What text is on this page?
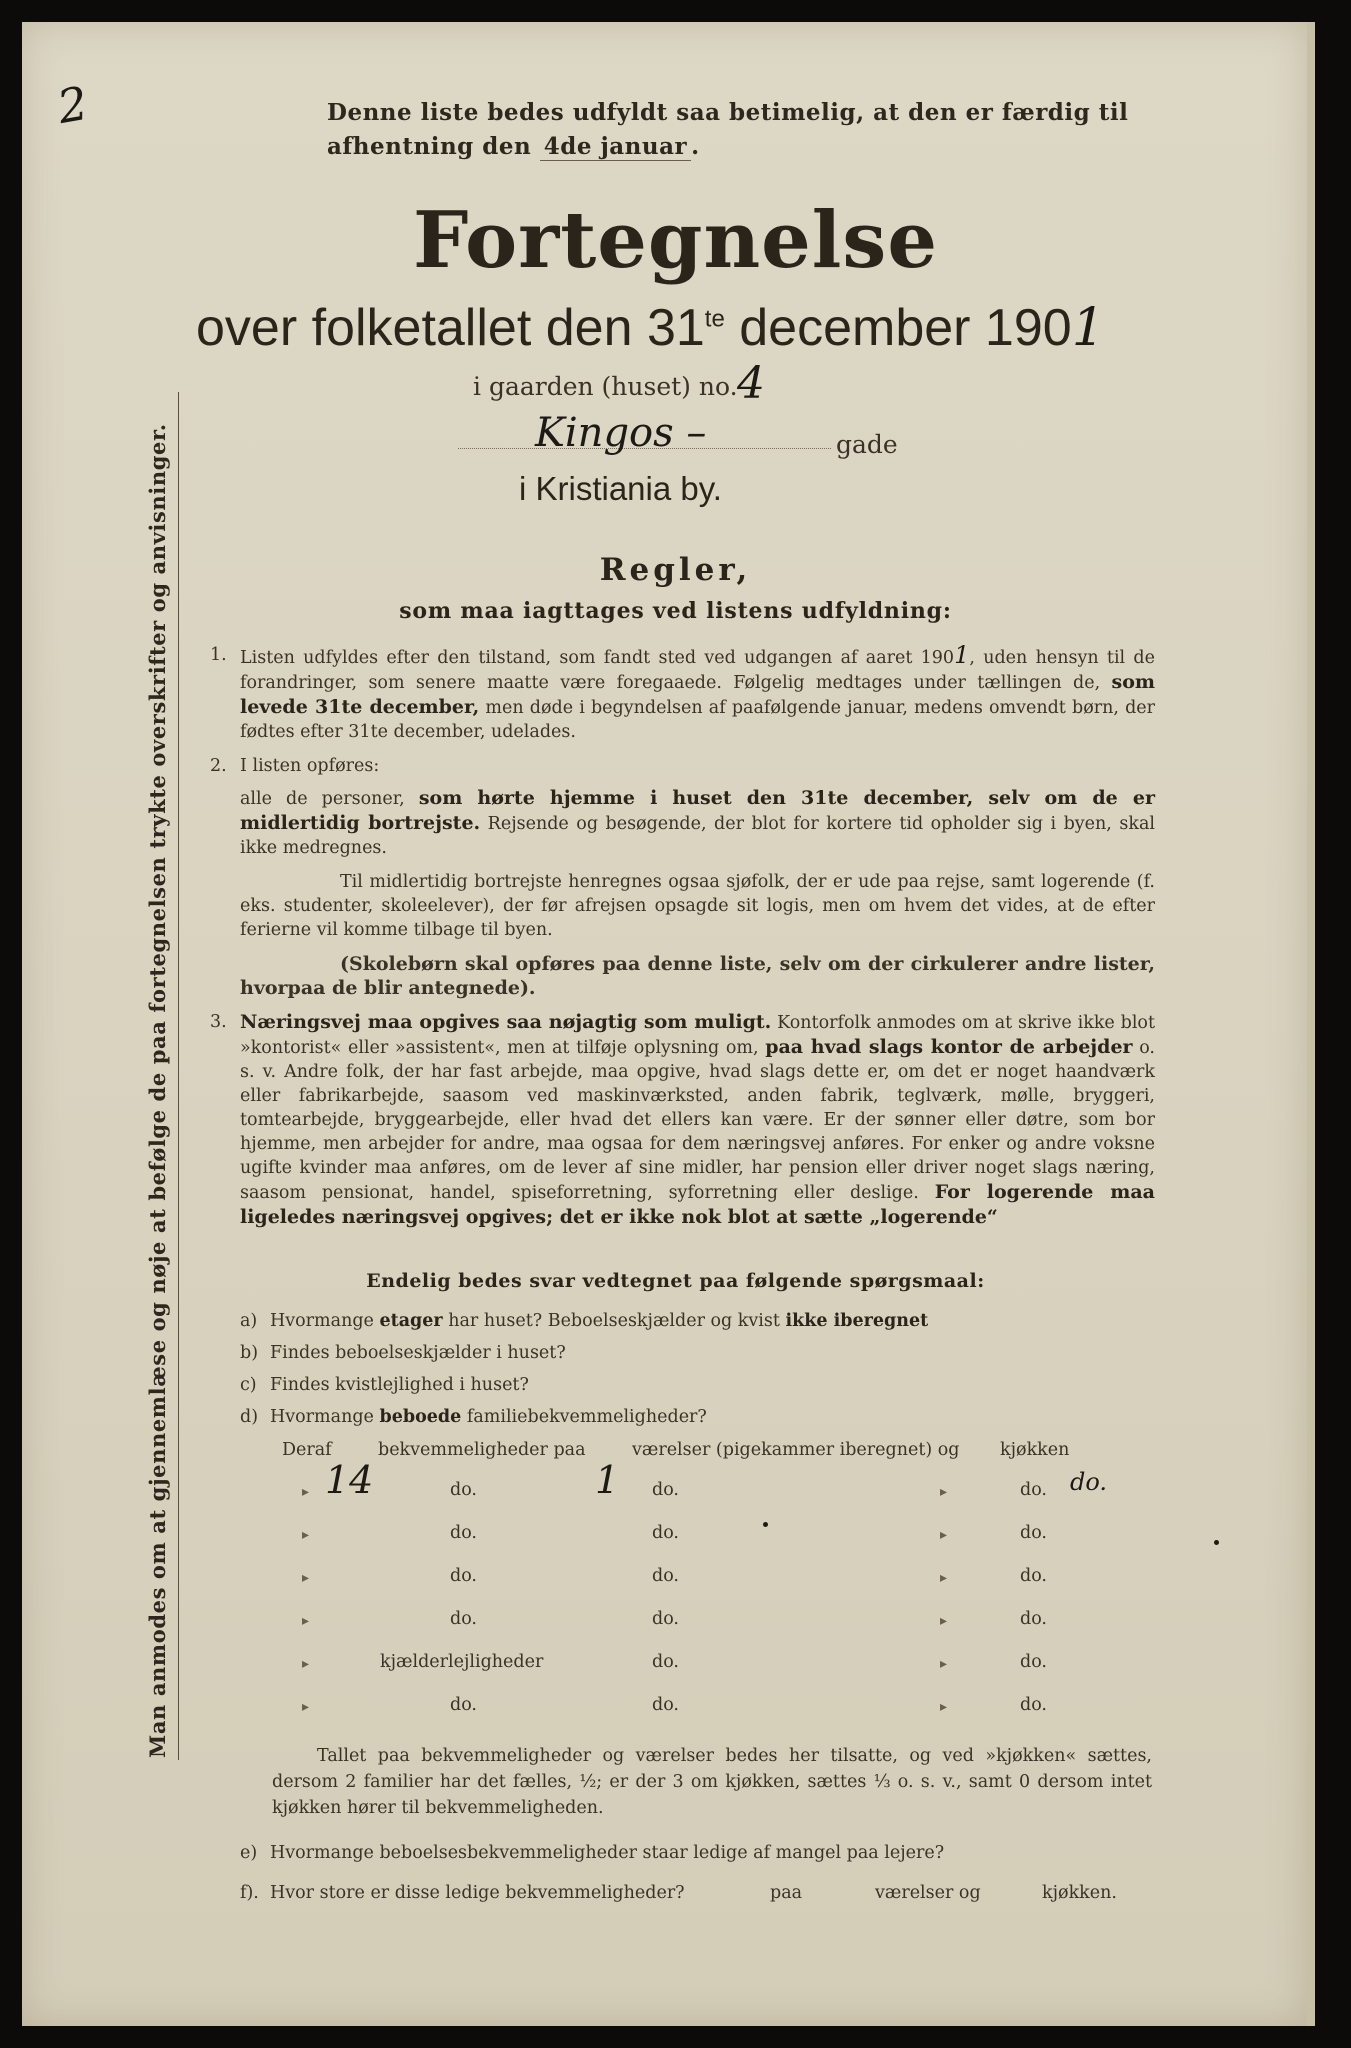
2	Denne liste bedes udfyldt saa betimelig, at den er færdig til
afhentning den 4de januar .
Fortegnelse
over folketallet den $31^{te}$ december 1901
i gaarden (huset) no. 4
Kingos –	gade
i Kristiania by.
Regler,
som maa iagttages ved listens udfyldning:
1. Listen udfyldes efter den tilstand, som fandt sted ved udgangen af aaret 1901, uden hensyn til de forandringer, som senere maatte være foregaaede. Følgelig medtages under tællingen de, som levede 31te december, men døde i begyndelsen af paafølgende januar, medens omvendt børn, der fødtes efter 31te december, udelades.

2. I listen opføres:

alle de personer, som hørte hjemme i huset den 31te december, selv om de er midlertidig bortrejste. Rejsende og besøgende, der blot for kortere tid opholder sig i byen, skal ikke medregnes.

Til midlertidig bortrejste henregnes ogsaa sjøfolk, der er ude paa rejse, samt logerende (f. eks. studenter, skoleelever), der før afrejsen opsagde sit logis, men om hvem det vides, at de efter ferierne vil komme tilbage til byen.

(Skolebørn skal opføres paa denne liste, selv om der cirkulerer andre lister, hvorpaa de blir antegnede).

3. Næringsvej maa opgives saa nøjagtig som muligt. Kontorfolk anmodes om at skrive ikke blot »kontorist« eller »assistent«, men at tilføje oplysning om, paa hvad slags kontor de arbejder o. s. v. Andre folk, der har fast arbejde, maa opgive, hvad slags dette er, om det er noget haandværk eller fabrikarbejde, saasom ved maskinværksted, anden fabrik, teglværk, mølle, bryggeri, tomtearbejde, bryggearbejde, eller hvad det ellers kan være. Er der sønner eller døtre, som bor hjemme, men arbejder for andre, maa ogsaa for dem næringsvej anføres. For enker og andre voksne ugifte kvinder maa anføres, om de lever af sine midler, har pension eller driver noget slags næring, saasom pensionat, handel, spiseforretning, syforretning eller deslige. For logerende maa ligeledes næringsvej opgives; det er ikke nok blot at sætte „logerende“

Endelig bedes svar vedtegnet paa følgende spørgsmaal:
a) Hvormange etager har huset? Beboelseskjælder og kvist ikke iberegnet
b) Findes beboelseskjælder i huset?
c) Findes kvistlejlighed i huset?
d) Hvormange beboede familiebekvemmeligheder?
Deraf	bekvemmeligheder paa	værelser (pigekammer iberegnet) og kjøkken
▸ 14	do.	1 do.	▸	do. do.
▸	do.	do.	▸	do.
▸	do.	do.	▸	do.
▸	do.	do.	▸	do.
▸	kjælderlejligheder	do.	▸	do.
▸	do.	do.	▸	do.
Tallet paa bekvemmeligheder og værelser bedes her tilsatte, og ved »kjøkken« sættes, dersom 2 familier har det fælles, ½; er der 3 om kjøkken, sættes ⅓ o. s. v., samt 0 dersom intet kjøkken hører til bekvemmeligheden.
e) Hvormange beboelsesbekvemmeligheder staar ledige af mangel paa lejere?
f). Hvor store er disse ledige bekvemmeligheder?	paa	værelser og	kjøkken.
Man anmodes om at gjennemlæse og nøje at befølge de paa fortegnelsen trykte overskrifter og anvisninger.
